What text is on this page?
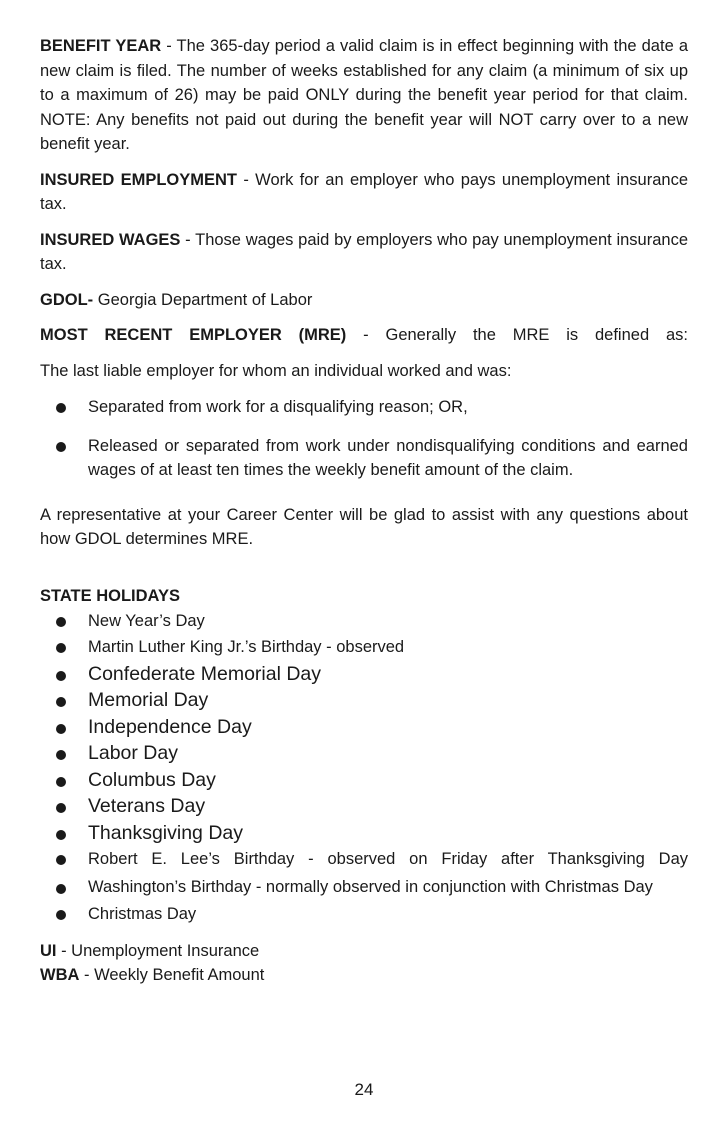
BENEFIT YEAR - The 365-day period a valid claim is in effect beginning with the date a new claim is filed. The number of weeks established for any claim (a minimum of six up to a maximum of 26) may be paid ONLY during the benefit year period for that claim. NOTE: Any benefits not paid out during the benefit year will NOT carry over to a new benefit year.

INSURED EMPLOYMENT - Work for an employer who pays unemployment insurance tax.

INSURED WAGES - Those wages paid by employers who pay unemployment insurance tax.

GDOL- Georgia Department of Labor

MOST RECENT EMPLOYER (MRE) - Generally the MRE is defined as:

The last liable employer for whom an individual worked and was:

Separated from work for a disqualifying reason; OR,
Released or separated from work under nondisqualifying conditions and earned wages of at least ten times the weekly benefit amount of the claim.

A representative at your Career Center will be glad to assist with any questions about how GDOL determines MRE.

STATE HOLIDAYS
New Year’s Day
Martin Luther King Jr.’s Birthday - observed
Confederate Memorial Day
Memorial Day
Independence Day
Labor Day
Columbus Day
Veterans Day
Thanksgiving Day
Robert E. Lee’s Birthday - observed on Friday after Thanksgiving Day
Washington’s Birthday - normally observed in conjunction with Christmas Day
Christmas Day

UI - Unemployment Insurance

WBA - Weekly Benefit Amount

24
